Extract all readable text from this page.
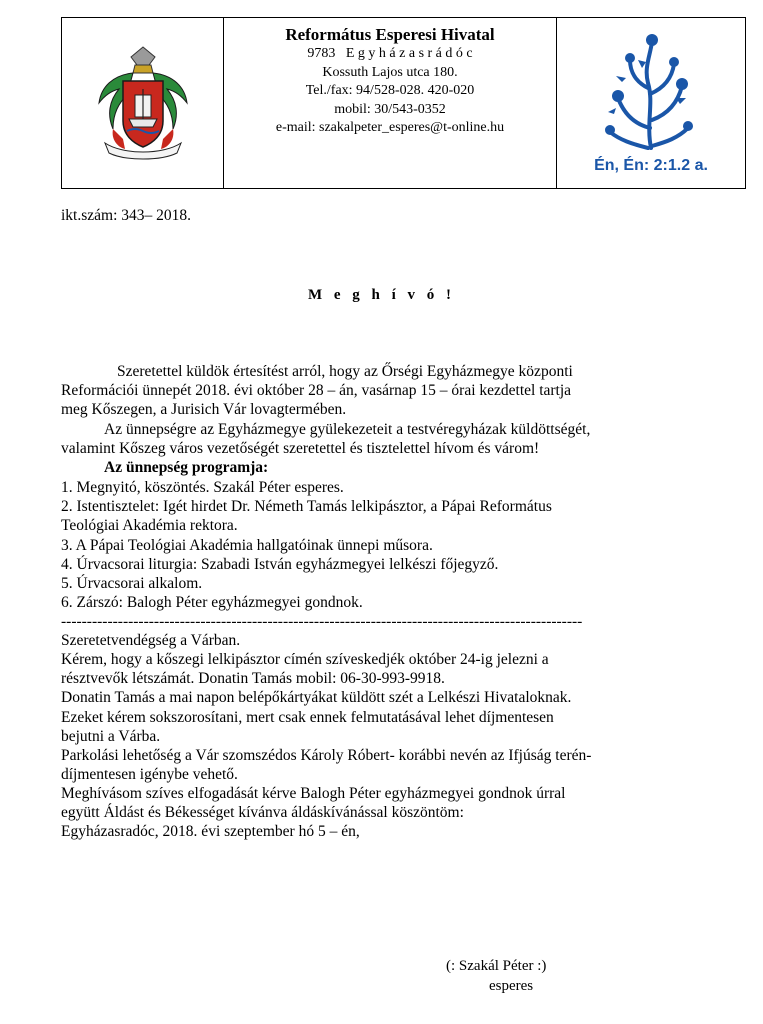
Református Esperesi Hivatal
9783 E g y h á z a s r á d ó c
Kossuth Lajos utca 180.
Tel./fax: 94/528-028. 420-020
mobil: 30/543-0352
e-mail: szakalpeter_esperes@t-online.hu
Én, Én: 2:1.2 a.
ikt.szám: 343– 2018.
M e g h í v ó !
Szeretettel küldök értesítést arról, hogy az Őrségi Egyházmegye központi
Reformációi ünnepét 2018. évi október 28 – án, vasárnap 15 – órai kezdettel tartja
meg Kőszegen, a Jurisich Vár lovagtermében.
Az ünnepségre az Egyházmegye gyülekezeteit a testvéregyházak küldöttségét,
valamint Kőszeg város vezetőségét szeretettel és tisztelettel hívom és várom!
Az ünnepség programja:
1. Megnyitó, köszöntés. Szakál Péter esperes.
2. Istentisztelet: Igét hirdet Dr. Németh Tamás lelkipásztor, a Pápai Református
Teológiai Akadémia rektora.
3. A Pápai Teológiai Akadémia hallgatóinak ünnepi műsora.
4. Úrvacsorai liturgia: Szabadi István egyházmegyei lelkészi főjegyző.
5. Úrvacsorai alkalom.
6. Zárszó: Balogh Péter egyházmegyei gondnok.
-----------------------------------------------------------------------------------------------------
Szeretetvendégség a Várban.
Kérem, hogy a kőszegi lelkipásztor címén szíveskedjék október 24-ig jelezni a
résztvevők létszámát. Donatin Tamás mobil: 06-30-993-9918.
Donatin Tamás a mai napon belépőkártyákat küldött szét a Lelkészi Hivataloknak.
Ezeket kérem sokszorosítani, mert csak ennek felmutatásával lehet díjmentesen
bejutni a Várba.
Parkolási lehetőség a Vár szomszédos Károly Róbert- korábbi nevén az Ifjúság terén-
díjmentesen igénybe vehető.
Meghívásom szíves elfogadását kérve Balogh Péter egyházmegyei gondnok úrral
együtt Áldást és Békességet kívánva áldáskívánással köszöntöm:
Egyházasradóc, 2018. évi szeptember hó 5 – én,
(: Szakál Péter :)
esperes
